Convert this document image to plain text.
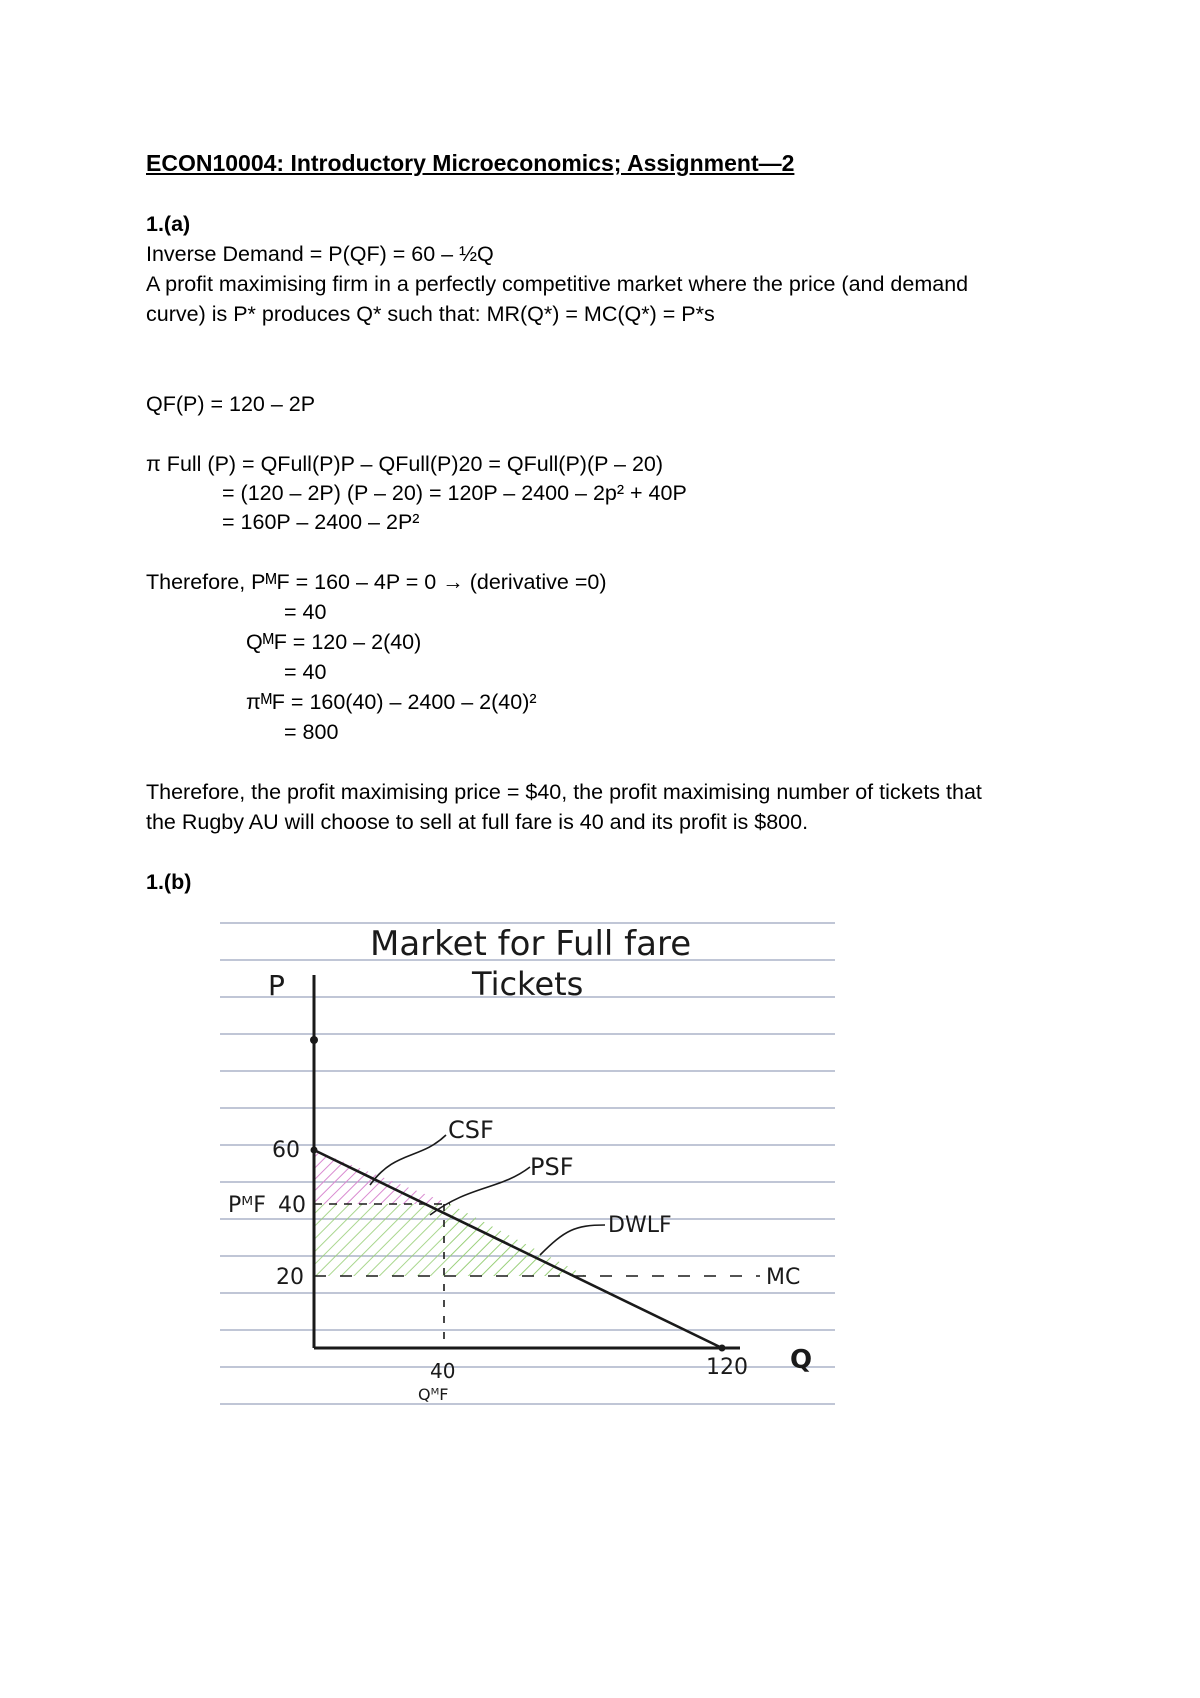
ECON10004: Introductory Microeconomics; Assignment—2
1.(a)
Inverse Demand = P(QF) = 60 – ½Q
A profit maximising firm in a perfectly competitive market where the price (and demand
curve) is P* produces Q* such that: MR(Q*) = MC(Q*) = P*s
QF(P) = 120 – 2P
π Full (P) = QFull(P)P – QFull(P)20 = QFull(P)(P – 20)
= (120 – 2P) (P – 20) = 120P – 2400 – 2p² + 40P
= 160P – 2400 – 2P²
Therefore, PᴹF = 160 – 4P = 0 → (derivative =0)
= 40
QᴹF = 120 – 2(40)
= 40
πᴹF = 160(40) – 2400 – 2(40)²
= 800
Therefore, the profit maximising price = $40, the profit maximising number of tickets that
the Rugby AU will choose to sell at full fare is 40 and its profit is $800.
1.(b)
Market for Full fare
Tickets
P
Q
60
40
PᴹF
20
40
QᴹF
120
CSF
PSF
DWLF
MC
